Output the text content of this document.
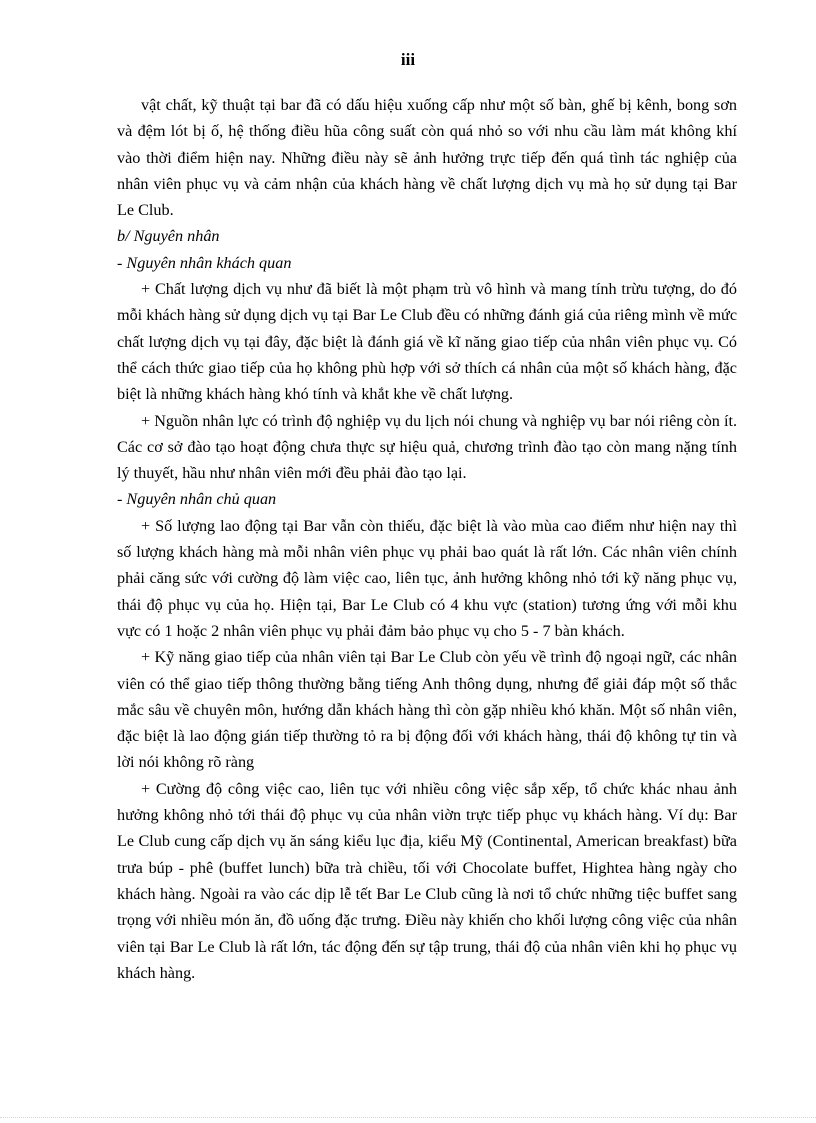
iii

vật chất, kỹ thuật tại bar đã có dấu hiệu xuống cấp như một số bàn, ghế bị kênh, bong sơn và đệm lót bị ố, hệ thống điều hũa công suất còn quá nhỏ so với nhu cầu làm mát không khí vào thời điểm hiện nay. Những điều này sẽ ảnh hưởng trực tiếp đến quá tình tác nghiệp của nhân viên phục vụ và cảm nhận của khách hàng về chất lượng dịch vụ mà họ sử dụng tại Bar Le Club.

b/ Nguyên nhân

- Nguyên nhân khách quan

+ Chất lượng dịch vụ như đã biết là một phạm trù vô hình và mang tính trừu tượng, do đó mỗi khách hàng sử dụng dịch vụ tại Bar Le Club đều có những đánh giá của riêng mình về mức chất lượng dịch vụ tại đây, đặc biệt là đánh giá về kĩ năng giao tiếp của nhân viên phục vụ. Có thể cách thức giao tiếp của họ không phù hợp với sở thích cá nhân của một số khách hàng, đặc biệt là những khách hàng khó tính và khắt khe về chất lượng.

+ Nguồn nhân lực có trình độ nghiệp vụ du lịch nói chung và nghiệp vụ bar nói riêng còn ít. Các cơ sở đào tạo hoạt động chưa thực sự hiệu quả, chương trình đào tạo còn mang nặng tính lý thuyết, hầu như nhân viên mới đều phải đào tạo lại.

- Nguyên nhân chủ quan

+ Số lượng lao động tại Bar vẫn còn thiếu, đặc biệt là vào mùa cao điểm như hiện nay thì số lượng khách hàng mà mỗi nhân viên phục vụ phải bao quát là rất lớn. Các nhân viên chính phải căng sức với cường độ làm việc cao, liên tục, ảnh hưởng không nhỏ tới kỹ năng phục vụ, thái độ phục vụ của họ. Hiện tại, Bar Le Club có 4 khu vực (station) tương ứng với mỗi khu vực có 1 hoặc 2 nhân viên phục vụ phải đảm bảo phục vụ cho 5 - 7 bàn khách.

+ Kỹ năng giao tiếp của nhân viên tại Bar Le Club còn yếu về trình độ ngoại ngữ, các nhân viên có thể giao tiếp thông thường bằng tiếng Anh thông dụng, nhưng để giải đáp một số thắc mắc sâu về chuyên môn, hướng dẫn khách hàng thì còn gặp nhiều khó khăn. Một số nhân viên, đặc biệt là lao động gián tiếp thường tỏ ra bị động đối với khách hàng, thái độ không tự tin và lời nói không rõ ràng

+ Cường độ công việc cao, liên tục với nhiều công việc sắp xếp, tổ chức khác nhau ảnh hưởng không nhỏ tới thái độ phục vụ của nhân viờn trực tiếp phục vụ khách hàng. Ví dụ: Bar Le Club cung cấp dịch vụ ăn sáng kiểu lục địa, kiểu Mỹ (Continental, American breakfast) bữa trưa búp - phê (buffet lunch) bữa trà chiều, tối với Chocolate buffet, Hightea hàng ngày cho khách hàng. Ngoài ra vào các dịp lễ tết Bar Le Club cũng là nơi tổ chức những tiệc buffet sang trọng với nhiều món ăn, đồ uống đặc trưng. Điều này khiến cho khối lượng công việc của nhân viên tại Bar Le Club là rất lớn, tác động đến sự tập trung, thái độ của nhân viên khi họ phục vụ khách hàng.
